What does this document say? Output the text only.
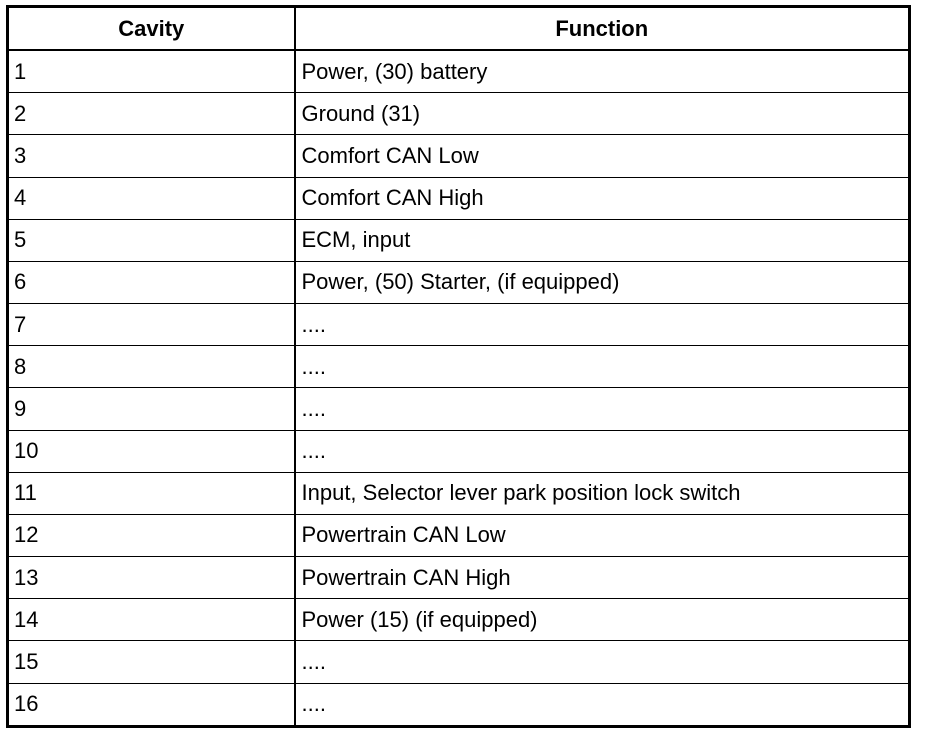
Cavity	Function
1	Power, (30) battery
2	Ground (31)
3	Comfort CAN Low
4	Comfort CAN High
5	ECM, input
6	Power, (50) Starter, (if equipped)
7	....
8	....
9	....
10	....
11	Input, Selector lever park position lock switch
12	Powertrain CAN Low
13	Powertrain CAN High
14	Power (15) (if equipped)
15	....
16	....
